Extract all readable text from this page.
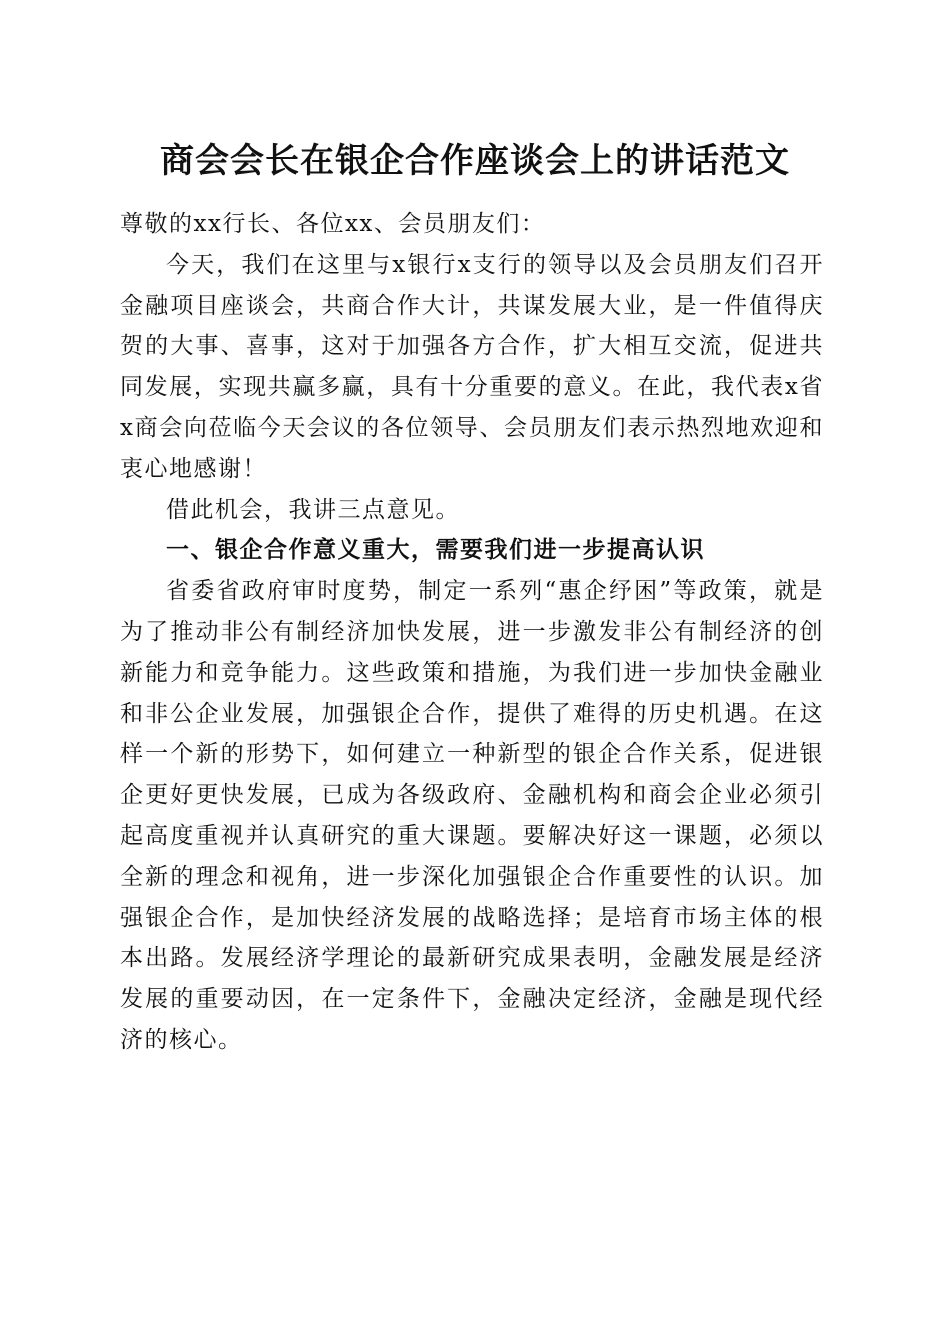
商会会长在银企合作座谈会上的讲话范文

尊敬的xx行长、各位xx、会员朋友们：

今天，我们在这里与x银行x支行的领导以及会员朋友们召开金融项目座谈会，共商合作大计，共谋发展大业，是一件值得庆贺的大事、喜事，这对于加强各方合作，扩大相互交流，促进共同发展，实现共赢多赢，具有十分重要的意义。在此，我代表x省x商会向莅临今天会议的各位领导、会员朋友们表示热烈地欢迎和衷心地感谢！

借此机会，我讲三点意见。

一、银企合作意义重大，需要我们进一步提高认识

省委省政府审时度势，制定一系列“惠企纾困”等政策，就是为了推动非公有制经济加快发展，进一步激发非公有制经济的创新能力和竞争能力。这些政策和措施，为我们进一步加快金融业和非公企业发展，加强银企合作，提供了难得的历史机遇。在这样一个新的形势下，如何建立一种新型的银企合作关系，促进银企更好更快发展，已成为各级政府、金融机构和商会企业必须引起高度重视并认真研究的重大课题。要解决好这一课题，必须以全新的理念和视角，进一步深化加强银企合作重要性的认识。加强银企合作，是加快经济发展的战略选择；是培育市场主体的根本出路。发展经济学理论的最新研究成果表明，金融发展是经济发展的重要动因，在一定条件下，金融决定经济，金融是现代经济的核心。
